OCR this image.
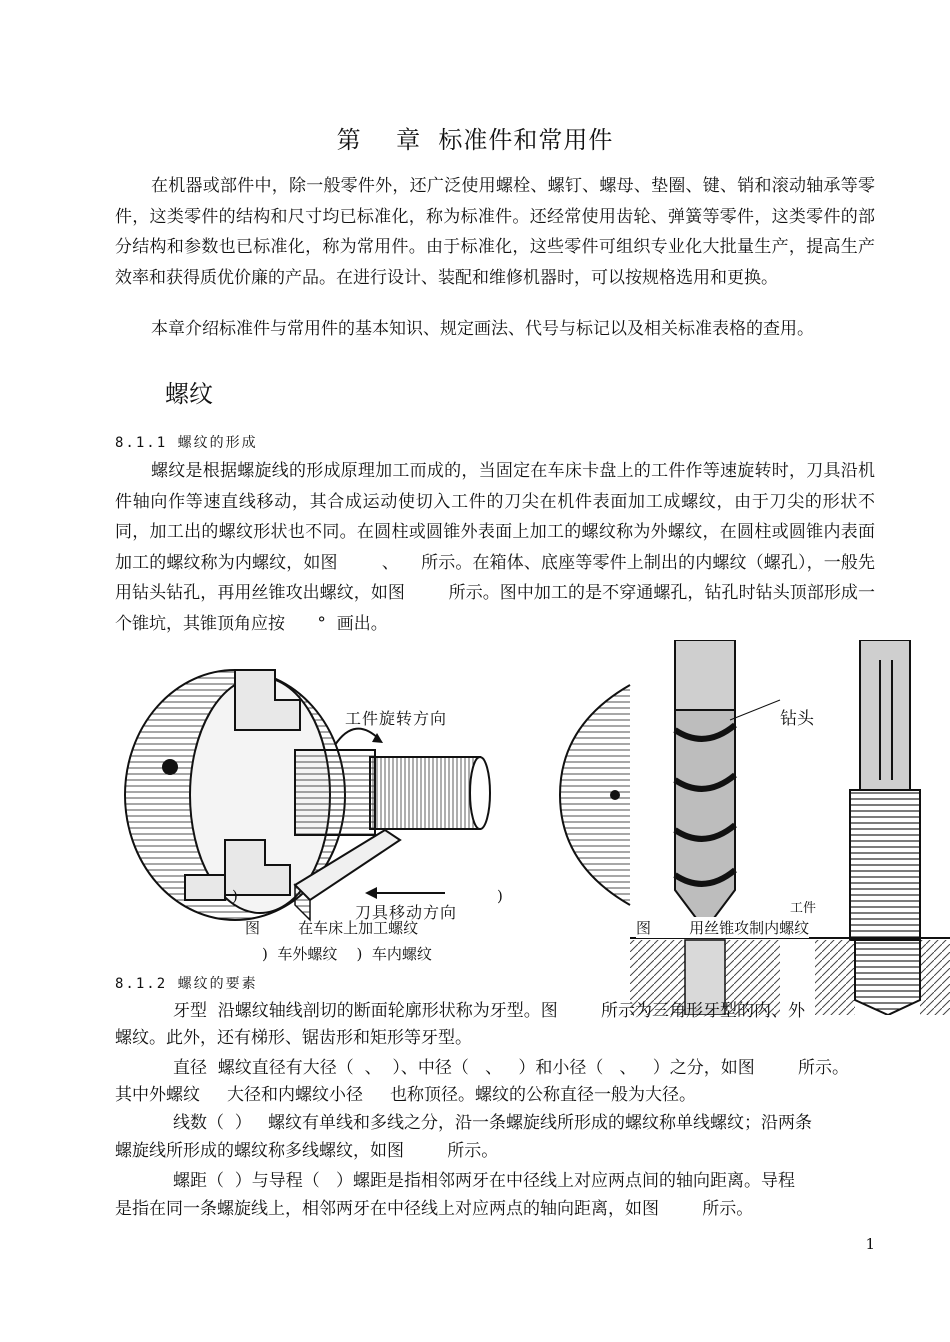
第    章  标准件和常用件
在机器或部件中，除一般零件外，还广泛使用螺栓、螺钉、螺母、垫圈、键、销和滚动轴承等零件，这类零件的结构和尺寸均已标准化，称为标准件。还经常使用齿轮、弹簧等零件，这类零件的部分结构和参数也已标准化，称为常用件。由于标准化，这些零件可组织专业化大批量生产，提高生产效率和获得质优价廉的产品。在进行设计、装配和维修机器时，可以按规格选用和更换。
本章介绍标准件与常用件的基本知识、规定画法、代号与标记以及相关标准表格的查用。
螺纹
8.1.1 螺纹的形成
螺纹是根据螺旋线的形成原理加工而成的，当固定在车床卡盘上的工件作等速旋转时，刀具沿机件轴向作等速直线移动，其合成运动使切入工件的刀尖在机件表面加工成螺纹，由于刀尖的形状不同，加工出的螺纹形状也不同。在圆柱或圆锥外表面上加工的螺纹称为外螺纹，在圆柱或圆锥内表面加工的螺纹称为内螺纹，如图        、    所示。在箱体、底座等零件上制出的内螺纹（螺孔），一般先用钻头钻孔，再用丝锥攻出螺纹，如图        所示。图中加工的是不穿通螺孔，钻孔时钻头顶部形成一个锥坑，其锥顶角应按      °  画出。
工件旋转方向
刀具移动方向
)	)
图        在车床上加工螺纹
)  车外螺纹    )  车内螺纹
钻头
工件
图        用丝锥攻制内螺纹
8.1.2 螺纹的要素
牙型  沿螺纹轴线剖切的断面轮廓形状称为牙型。图        所示为三角形牙型的内、外
螺纹。此外，还有梯形、锯齿形和矩形等牙型。
直径  螺纹直径有大径（  、  ）、中径（   、   ）和小径（   、   ）之分，如图        所示。
其中外螺纹     大径和内螺纹小径     也称顶径。螺纹的公称直径一般为大径。
线数（  ）   螺纹有单线和多线之分，沿一条螺旋线所形成的螺纹称单线螺纹；沿两条
螺旋线所形成的螺纹称多线螺纹，如图        所示。
螺距（  ）与导程（   ）螺距是指相邻两牙在中径线上对应两点间的轴向距离。导程
是指在同一条螺旋线上，相邻两牙在中径线上对应两点的轴向距离，如图        所示。
1
